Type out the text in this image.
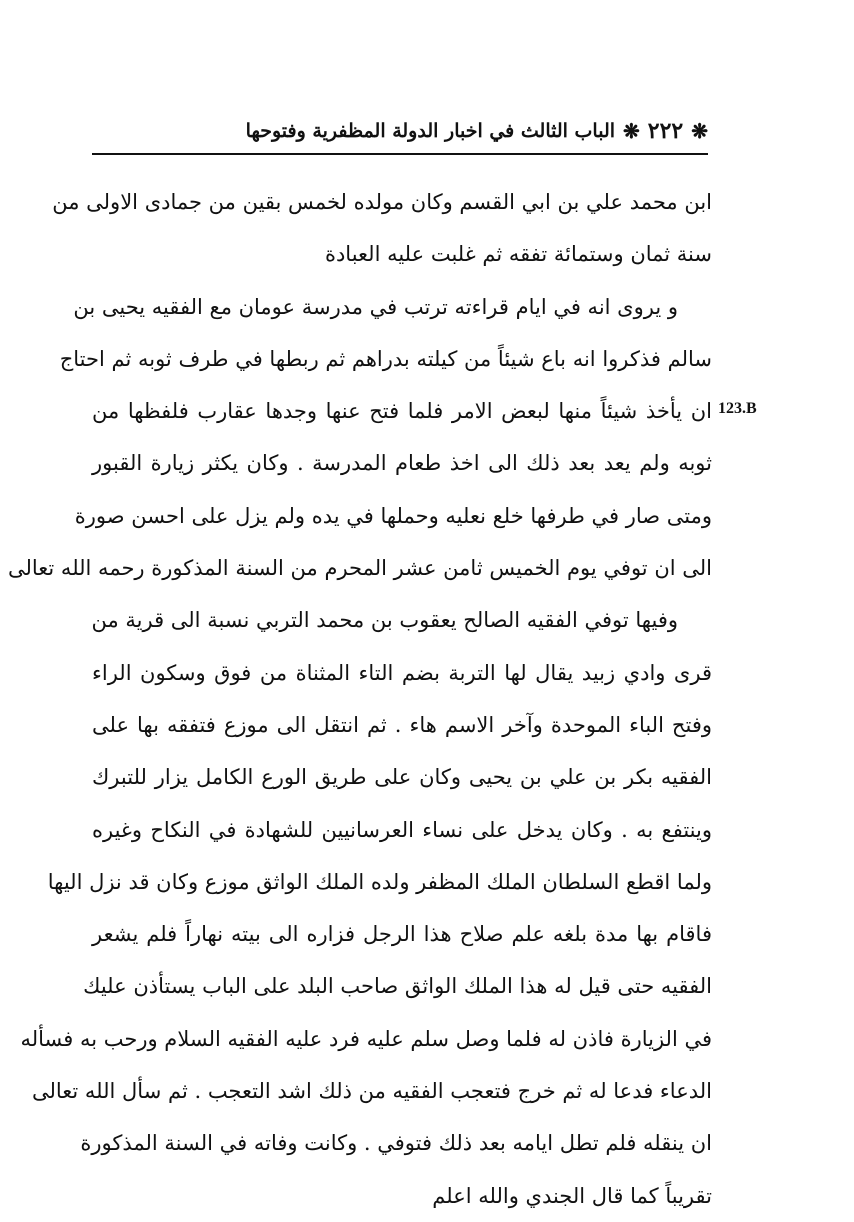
❋
٢٢٢
❋
الباب الثالث في اخبار الدولة المظفرية وفتوحها
123.B
ابن محمد علي بن ابي القسم وكان مولده لخمس بقين من جمادى الاولى من
سنة ثمان وستمائة تفقه ثم غلبت عليه العبادة
و يروى انه في ايام قراءته ترتب في مدرسة عومان مع الفقيه يحيى بن
سالم فذكروا انه باع شيئاً من كيلته بدراهم ثم ربطها في طرف ثوبه ثم احتاج
ان يأخذ شيئاً منها لبعض الامر فلما فتح عنها وجدها عقارب فلفظها من
ثوبه ولم يعد بعد ذلك الى اخذ طعام المدرسة . وكان يكثر زيارة القبور
ومتى صار في طرفها خلع نعليه وحملها في يده ولم يزل على احسن صورة
الى ان توفي يوم الخميس ثامن عشر المحرم من السنة المذكورة رحمه الله تعالى
وفيها توفي الفقيه الصالح يعقوب بن محمد التربي نسبة الى قرية من
قرى وادي زبيد يقال لها التربة بضم التاء المثناة من فوق وسكون الراء
وفتح الباء الموحدة وآخر الاسم هاء . ثم انتقل الى موزع فتفقه بها على
الفقيه بكر بن علي بن يحيى وكان على طريق الورع الكامل يزار للتبرك
وينتفع به . وكان يدخل على نساء العرسانيين للشهادة في النكاح وغيره
ولما اقطع السلطان الملك المظفر ولده الملك الواثق موزع وكان قد نزل اليها
فاقام بها مدة بلغه علم صلاح هذا الرجل فزاره الى بيته نهاراً فلم يشعر
الفقيه حتى قيل له هذا الملك الواثق صاحب البلد على الباب يستأذن عليك
في الزيارة فاذن له فلما وصل سلم عليه فرد عليه الفقيه السلام ورحب به فسأله
الدعاء فدعا له ثم خرج فتعجب الفقيه من ذلك اشد التعجب . ثم سأل الله تعالى
ان ينقله فلم تطل ايامه بعد ذلك فتوفي . وكانت وفاته في السنة المذكورة
تقريباً كما قال الجندي والله اعلم
